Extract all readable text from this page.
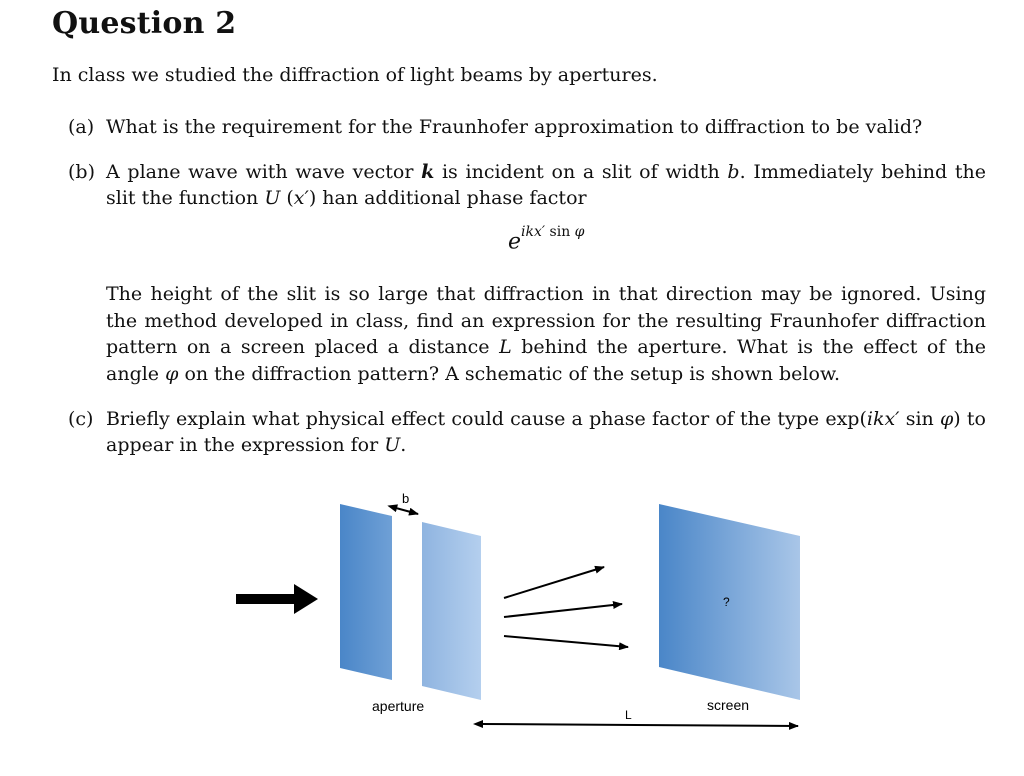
Question 2

In class we studied the diffraction of light beams by apertures.

(a) What is the requirement for the Fraunhofer approximation to diffraction to be valid?
(b) A plane wave with wave vector k is incident on a slit of width b. Immediately behind the slit the function U (x′) han additional phase factor
$e^{ikx' sin \varphi}$
The height of the slit is so large that diffraction in that direction may be ignored. Using the method developed in class, find an expression for the resulting Fraunhofer diffraction pattern on a screen placed a distance L behind the aperture. What is the effect of the angle φ on the diffraction pattern? A schematic of the setup is shown below.
(c) Briefly explain what physical effect could cause a phase factor of the type exp(ikx′ sin φ) to appear in the expression for U.
b
?
aperture	screen
L
